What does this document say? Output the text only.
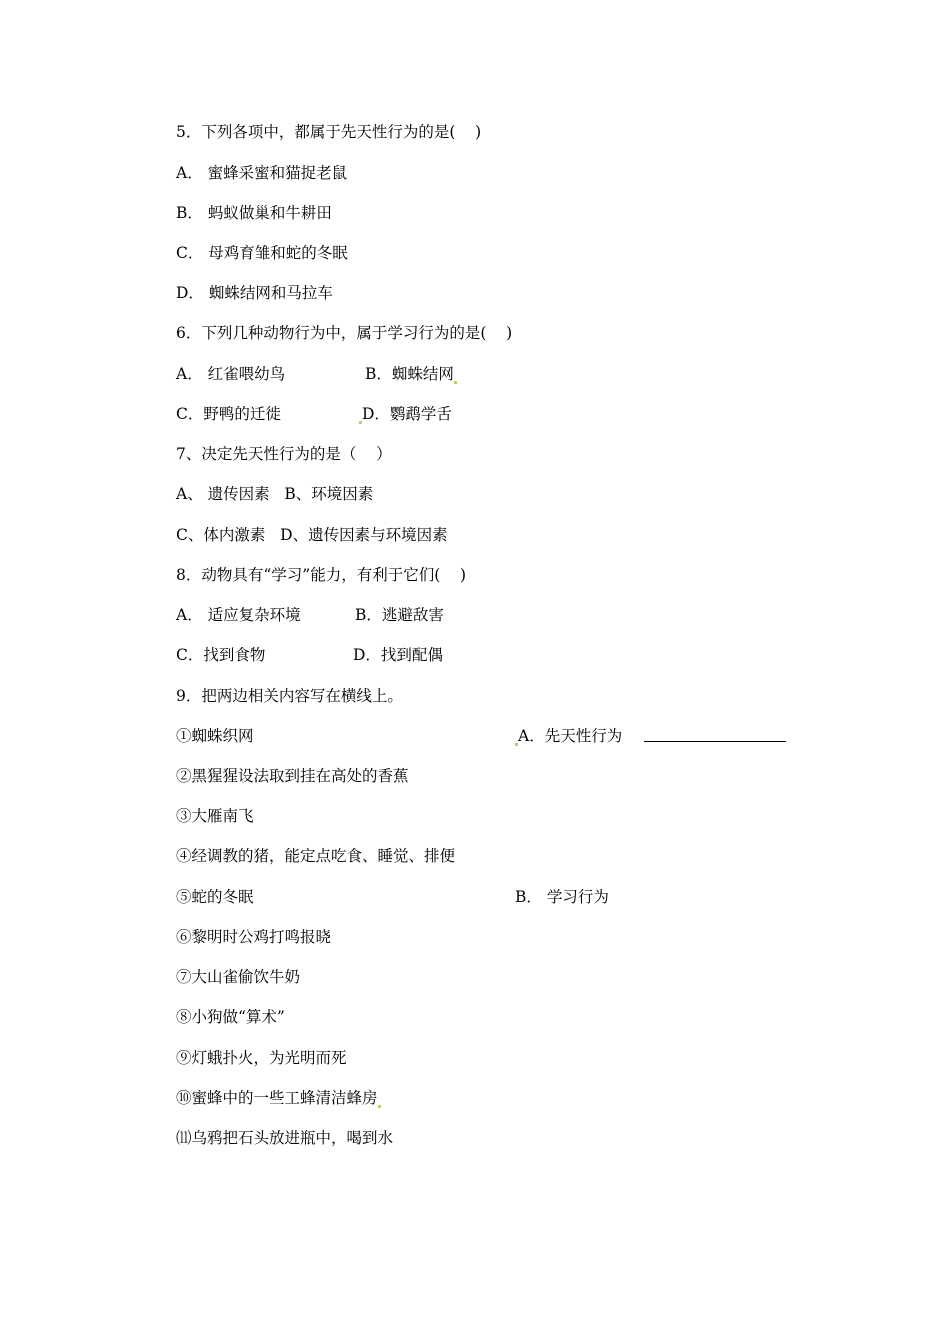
5．下列各项中，都属于先天性行为的是(    )
A． 蜜蜂采蜜和猫捉老鼠
B． 蚂蚁做巢和牛耕田
C． 母鸡育雏和蛇的冬眠
D． 蜘蛛结网和马拉车
6．下列几种动物行为中，属于学习行为的是(    )
A． 红雀喂幼鸟	B．蜘蛛结网
C．野鸭的迁徙	D．鹦鹉学舌
7、决定先天性行为的是（    ）
A、 遗传因素   B、环境因素
C、体内激素   D、遗传因素与环境因素
8．动物具有“学习”能力，有利于它们(    )
A． 适应复杂环境	B．逃避敌害
C．找到食物	D．找到配偶
9．把两边相关内容写在横线上。
①蜘蛛织网	A．先天性行为
②黑猩猩设法取到挂在高处的香蕉
③大雁南飞
④经调教的猪，能定点吃食、睡觉、排便
⑤蛇的冬眠	B． 学习行为
⑥黎明时公鸡打鸣报晓
⑦大山雀偷饮牛奶
⑧小狗做“算术”
⑨灯蛾扑火，为光明而死
⑩蜜蜂中的一些工蜂清洁蜂房
⑾乌鸦把石头放进瓶中，喝到水
